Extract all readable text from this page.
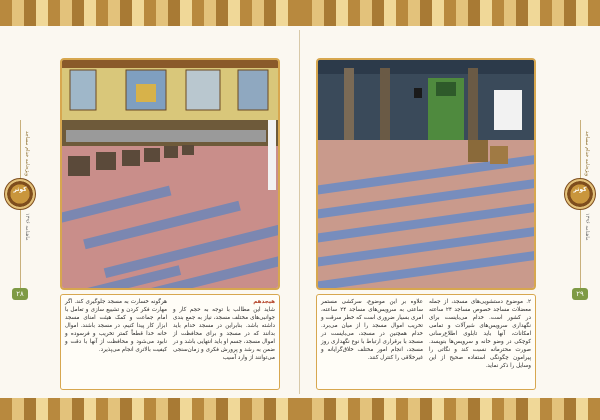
ویژه‌نامه خدام مساجد
کوثر
ماهنامه ۱۳۹۶
۲۸
هیجدهم
شاید این مطالب با توجه به حجم کار و جوانبی‌های مختلف مسجد، نیاز به جمع بندی داشته باشد. بنابراین در مسجد خدام باید بدانند که در مسجد و برای محافظت از اموال مسجد، جسم او باید انتهایی باشد و در ضمن به رشد و پرورش فکری و زمان‌سنجی می‌توانند از وارد آسیب
هرگونه خسارت به مسجد جلوگیری کند. اگر مهارت فکر کردن و تشییع سازی و تعامل با امام جماعت و کمک هیئت امنای مسجد ابزار کار پیدا کنیم، در مسجد باشند. اموال خانه خدا قطعاً کمتر تخریب و فرسوده و نابود می‌شود و محافظت از آنها با دقت و کیفیت بالاتری انجام می‌پذیرد.
۲. موضوع دستشویی‌های مسجد، از جمله معضلات مساجد خصوص مساجد ۲۴ ساعته در کشور است. خدام می‌بایست برای نگهداری سرویس‌های شیرآلات و تمامی امکانات، آنها باید تابلوی اطلاع‌رسانی کوچکی در وضو خانه و سرویس‌ها بنویسد. صورت محترمانه نسبت کند و نگاتی را پیرامون چگونگی استفاده صحیح از این وسایل را ذکر نماید.
علاوه بر این موضوع، سرکشی مستمر ساعتی به سرویس‌های مساجد ۲۴ ساعته، امری بسیار ضروری است که خطر سرقت و تخریب اموال مسجد را از میان می‌برد. خدام همچنین در مسجد، می‌بایست در مسجد با برقراری ارتباط با نوع نگهداری روز مسجد، انجام امور مختلف خلاق‌گرایانه و غیرخلاقی را کنترل کنند.
ویژه‌نامه خدام مساجد
کوثر
ماهنامه ۱۳۹۶
۲۹
